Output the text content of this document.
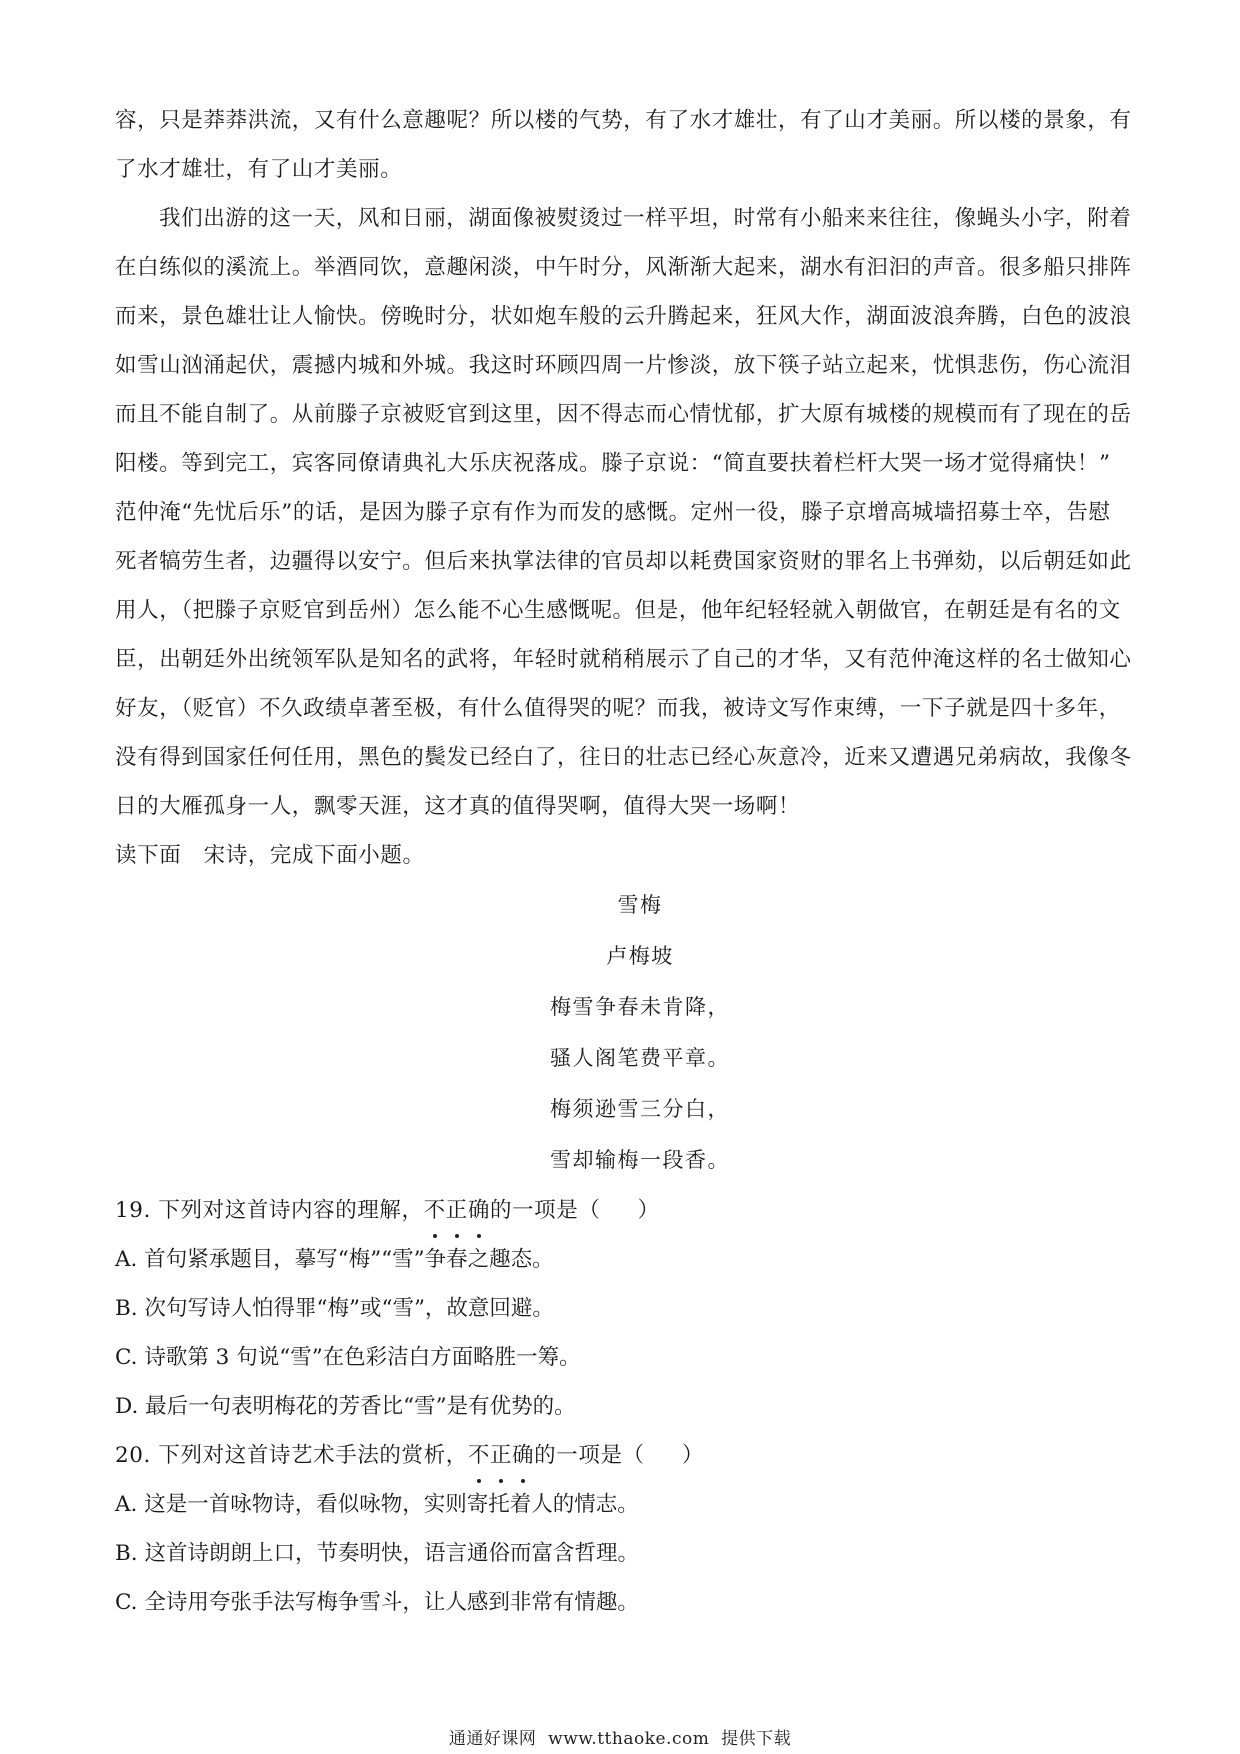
容，只是莽莽洪流，又有什么意趣呢？所以楼的气势，有了水才雄壮，有了山才美丽。所以楼的景象，有
了水才雄壮，有了山才美丽。
我们出游的这一天，风和日丽，湖面像被熨烫过一样平坦，时常有小船来来往往，像蝇头小字，附着
在白练似的溪流上。举酒同饮，意趣闲淡，中午时分，风渐渐大起来，湖水有汩汩的声音。很多船只排阵
而来，景色雄壮让人愉快。傍晚时分，状如炮车般的云升腾起来，狂风大作，湖面波浪奔腾，白色的波浪
如雪山汹涌起伏，震撼内城和外城。我这时环顾四周一片惨淡，放下筷子站立起来，忧惧悲伤，伤心流泪
而且不能自制了。从前滕子京被贬官到这里，因不得志而心情忧郁，扩大原有城楼的规模而有了现在的岳
阳楼。等到完工，宾客同僚请典礼大乐庆祝落成。滕子京说：“简直要扶着栏杆大哭一场才觉得痛快！”
范仲淹“先忧后乐”的话，是因为滕子京有作为而发的感慨。定州一役，滕子京增高城墙招募士卒，告慰
死者犒劳生者，边疆得以安宁。但后来执掌法律的官员却以耗费国家资财的罪名上书弹劾，以后朝廷如此
用人，（把滕子京贬官到岳州）怎么能不心生感慨呢。但是，他年纪轻轻就入朝做官，在朝廷是有名的文
臣，出朝廷外出统领军队是知名的武将，年轻时就稍稍展示了自己的才华，又有范仲淹这样的名士做知心
好友，（贬官）不久政绩卓著至极，有什么值得哭的呢？而我，被诗文写作束缚，一下子就是四十多年，
没有得到国家任何任用，黑色的鬓发已经白了，往日的壮志已经心灰意冷，近来又遭遇兄弟病故，我像冬
日的大雁孤身一人，飘零天涯，这才真的值得哭啊，值得大哭一场啊！
读下面   宋诗，完成下面小题。
雪梅
卢梅坡
梅雪争春未肯降，
骚人阁笔费平章。
梅须逊雪三分白，
雪却输梅一段香。
19. 下列对这首诗内容的理解，不正确的一项是（     ）
A. 首句紧承题目，摹写“梅”“雪”争春之趣态。
B. 次句写诗人怕得罪“梅”或“雪”，故意回避。
C. 诗歌第 3 句说“雪”在色彩洁白方面略胜一筹。
D. 最后一句表明梅花的芳香比“雪”是有优势的。
20. 下列对这首诗艺术手法的赏析，不正确的一项是（     ）
A. 这是一首咏物诗，看似咏物，实则寄托着人的情志。
B. 这首诗朗朗上口，节奏明快，语言通俗而富含哲理。
C. 全诗用夸张手法写梅争雪斗，让人感到非常有情趣。
通通好课网  www.tthaoke.com  提供下载
